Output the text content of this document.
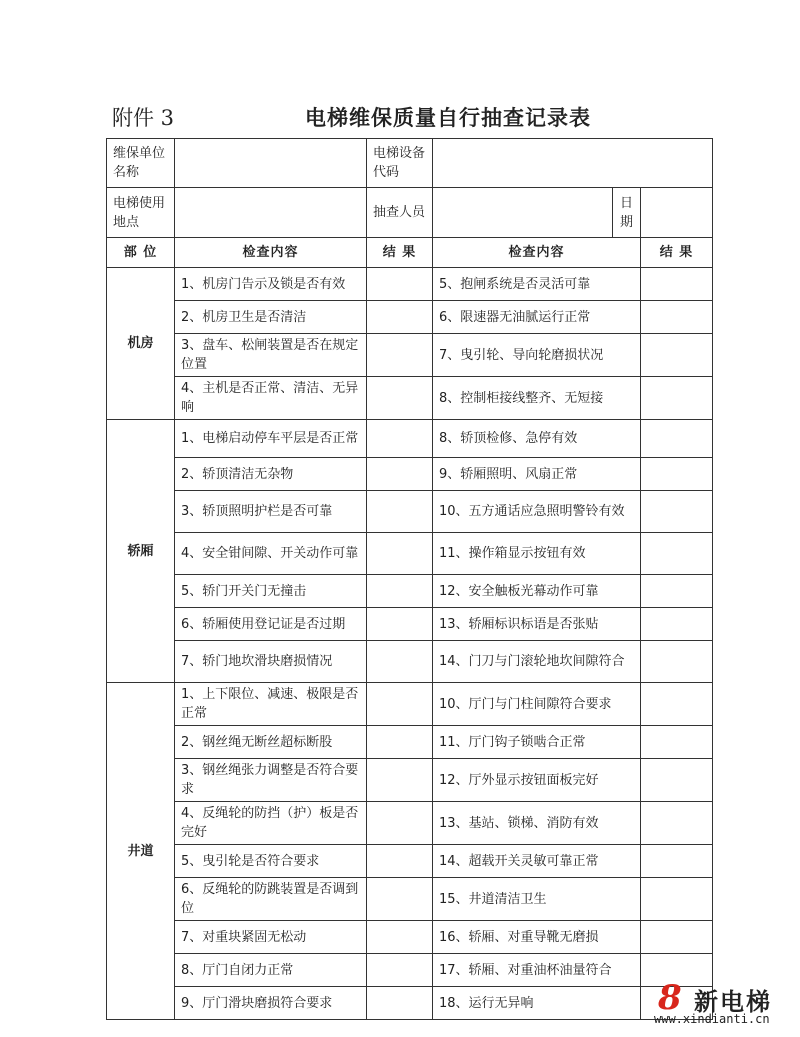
附件 3	电梯维保质量自行抽查记录表
维保单位名称		电梯设备代码			
电梯使用地点		抽查人员		日期	
部 位	检查内容	结 果	检查内容		结 果
机房	1、机房门告示及锁是否有效		5、抱闸系统是否灵活可靠		
	2、机房卫生是否清洁		6、限速器无油腻运行正常		
	3、盘车、松闸装置是否在规定位置		7、曳引轮、导向轮磨损状况		
	4、主机是否正常、清洁、无异响		8、控制柜接线整齐、无短接		
轿厢	1、电梯启动停车平层是否正常		8、轿顶检修、急停有效		
	2、轿顶清洁无杂物		9、轿厢照明、风扇正常		
	3、轿顶照明护栏是否可靠		10、五方通话应急照明警铃有效		
	4、安全钳间隙、开关动作可靠		11、操作箱显示按钮有效		
	5、轿门开关门无撞击		12、安全触板光幕动作可靠		
	6、轿厢使用登记证是否过期		13、轿厢标识标语是否张贴		
	7、轿门地坎滑块磨损情况		14、门刀与门滚轮地坎间隙符合		
井道	1、上下限位、减速、极限是否正常		10、厅门与门柱间隙符合要求		
	2、钢丝绳无断丝超标断股		11、厅门钩子锁啮合正常		
	3、钢丝绳张力调整是否符合要求		12、厅外显示按钮面板完好		
	4、反绳轮的防挡（护）板是否完好		13、基站、锁梯、消防有效		
	5、曳引轮是否符合要求		14、超载开关灵敏可靠正常		
	6、反绳轮的防跳装置是否调到位		15、井道清洁卫生		
	7、对重块紧固无松动		16、轿厢、对重导靴无磨损		
	8、厅门自闭力正常		17、轿厢、对重油杯油量符合		
	9、厅门滑块磨损符合要求		18、运行无异响			8 新电梯
www.xindianti.cn
